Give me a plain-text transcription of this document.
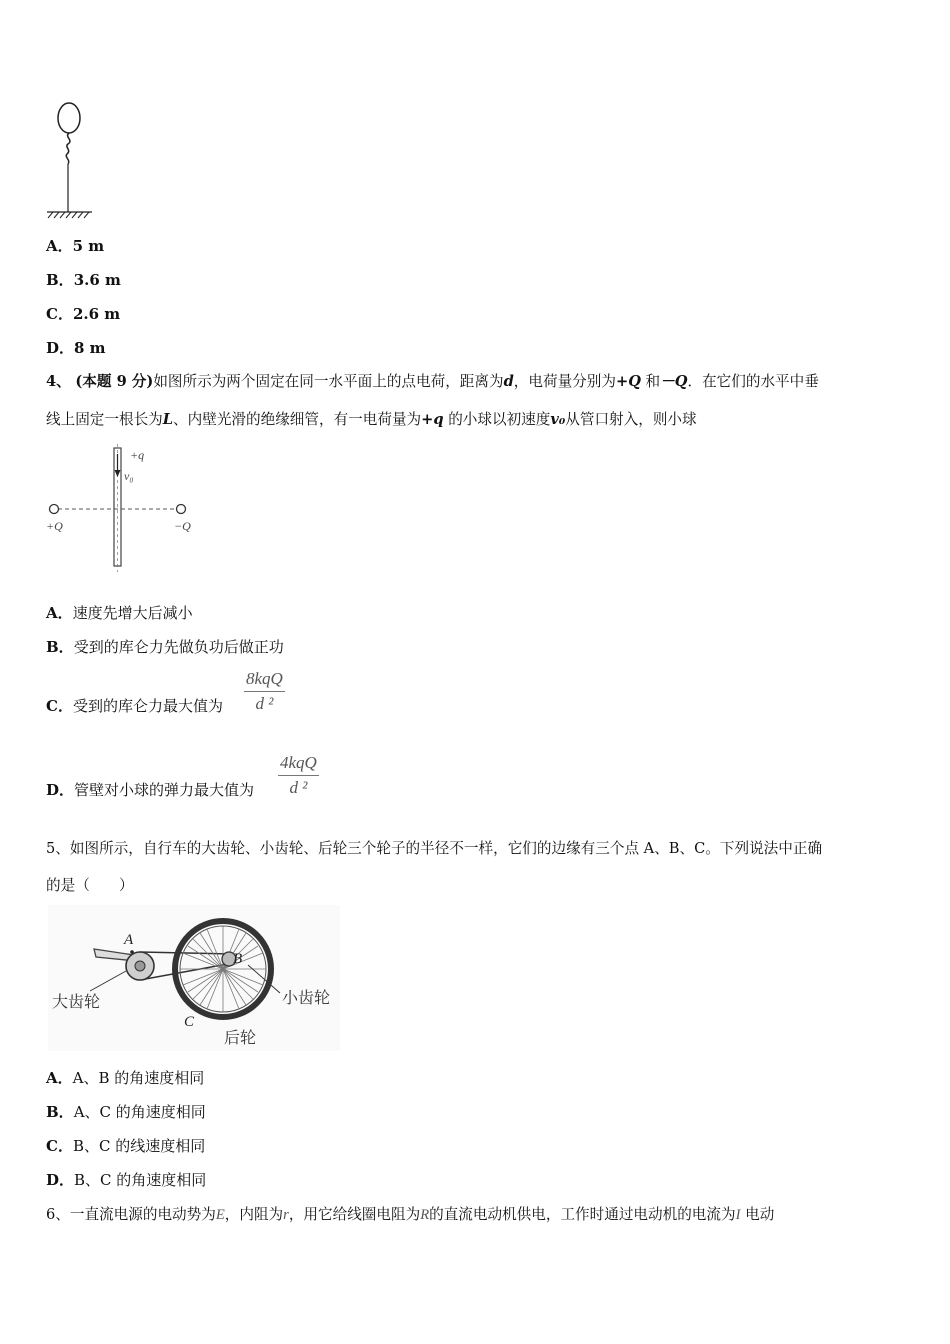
A．5 m
B．3.6 m
C．2.6 m
D．8 m
4、 (本题 9 分)如图所示为两个固定在同一水平面上的点电荷，距离为d，电荷量分别为+Q 和－Q．在它们的水平中垂
线上固定一根长为L、内壁光滑的绝缘细管，有一电荷量为+q 的小球以初速度v₀从管口射入，则小球
+q
v₀
+Q	−Q
A．速度先增大后减小
B．受到的库仑力先做负功后做正功
C．受到的库仑力最大值为
8kqQ
d ²
D．管壁对小球的弹力最大值为
4kqQ
d ²
5、如图所示，自行车的大齿轮、小齿轮、后轮三个轮子的半径不一样，它们的边缘有三个点 A、B、C。下列说法中正确
的是（　　）
A
B
C
大齿轮	小齿轮
后轮
A．A、B 的角速度相同
B．A、C 的角速度相同
C．B、C 的线速度相同
D．B、C 的角速度相同
6、一直流电源的电动势为E，内阻为r，用它给线圈电阻为R的直流电动机供电，工作时通过电动机的电流为I 电动
